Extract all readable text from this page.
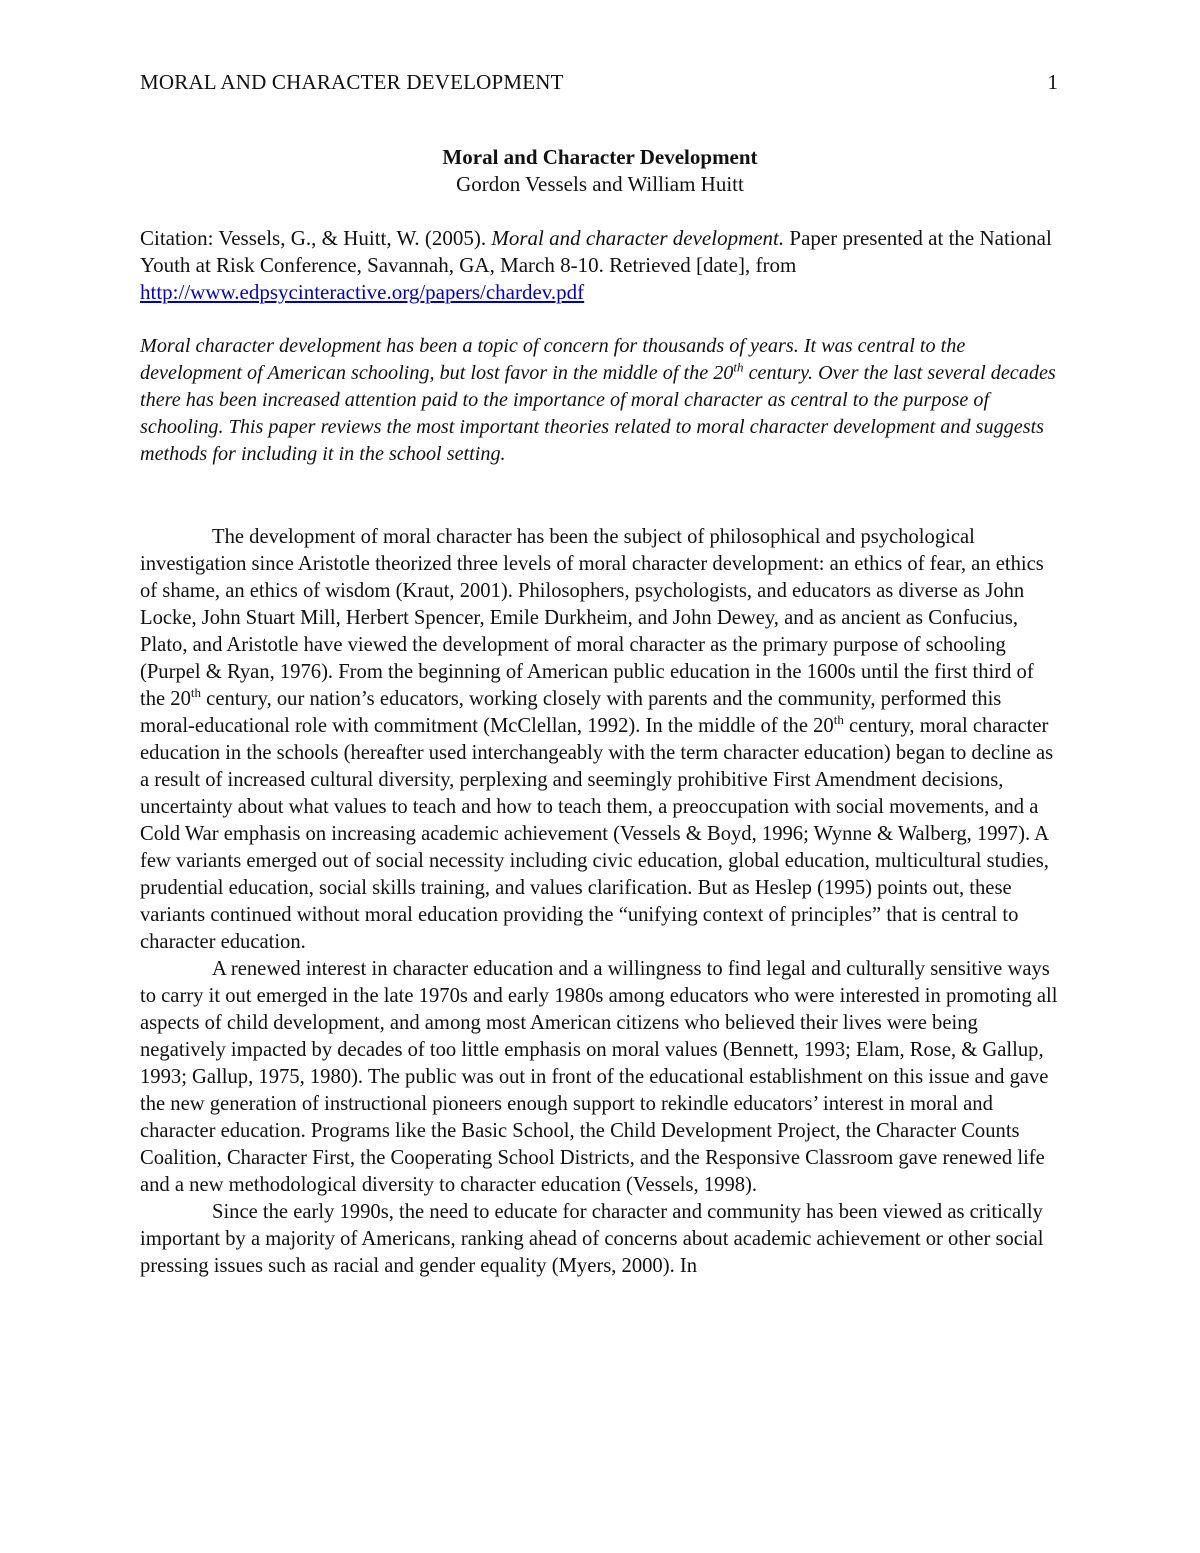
MORAL AND CHARACTER DEVELOPMENT	1
Moral and Character Development
Gordon Vessels and William Huitt
Citation: Vessels, G., & Huitt, W. (2005). Moral and character development. Paper presented at the National Youth at Risk Conference, Savannah, GA, March 8-10. Retrieved [date], from http://www.edpsycinteractive.org/papers/chardev.pdf
Moral character development has been a topic of concern for thousands of years. It was central to the development of American schooling, but lost favor in the middle of the 20th century. Over the last several decades there has been increased attention paid to the importance of moral character as central to the purpose of schooling. This paper reviews the most important theories related to moral character development and suggests methods for including it in the school setting.

The development of moral character has been the subject of philosophical and psychological investigation since Aristotle theorized three levels of moral character development: an ethics of fear, an ethics of shame, an ethics of wisdom (Kraut, 2001). Philosophers, psychologists, and educators as diverse as John Locke, John Stuart Mill, Herbert Spencer, Emile Durkheim, and John Dewey, and as ancient as Confucius, Plato, and Aristotle have viewed the development of moral character as the primary purpose of schooling (Purpel & Ryan, 1976). From the beginning of American public education in the 1600s until the first third of the 20th century, our nation’s educators, working closely with parents and the community, performed this moral-educational role with commitment (McClellan, 1992). In the middle of the 20th century, moral character education in the schools (hereafter used interchangeably with the term character education) began to decline as a result of increased cultural diversity, perplexing and seemingly prohibitive First Amendment decisions, uncertainty about what values to teach and how to teach them, a preoccupation with social movements, and a Cold War emphasis on increasing academic achievement (Vessels & Boyd, 1996; Wynne & Walberg, 1997). A few variants emerged out of social necessity including civic education, global education, multicultural studies, prudential education, social skills training, and values clarification. But as Heslep (1995) points out, these variants continued without moral education providing the “unifying context of principles” that is central to character education.

A renewed interest in character education and a willingness to find legal and culturally sensitive ways to carry it out emerged in the late 1970s and early 1980s among educators who were interested in promoting all aspects of child development, and among most American citizens who believed their lives were being negatively impacted by decades of too little emphasis on moral values (Bennett, 1993; Elam, Rose, & Gallup, 1993; Gallup, 1975, 1980). The public was out in front of the educational establishment on this issue and gave the new generation of instructional pioneers enough support to rekindle educators’ interest in moral and character education. Programs like the Basic School, the Child Development Project, the Character Counts Coalition, Character First, the Cooperating School Districts, and the Responsive Classroom gave renewed life and a new methodological diversity to character education (Vessels, 1998).

Since the early 1990s, the need to educate for character and community has been viewed as critically important by a majority of Americans, ranking ahead of concerns about academic achievement or other social pressing issues such as racial and gender equality (Myers, 2000). In
